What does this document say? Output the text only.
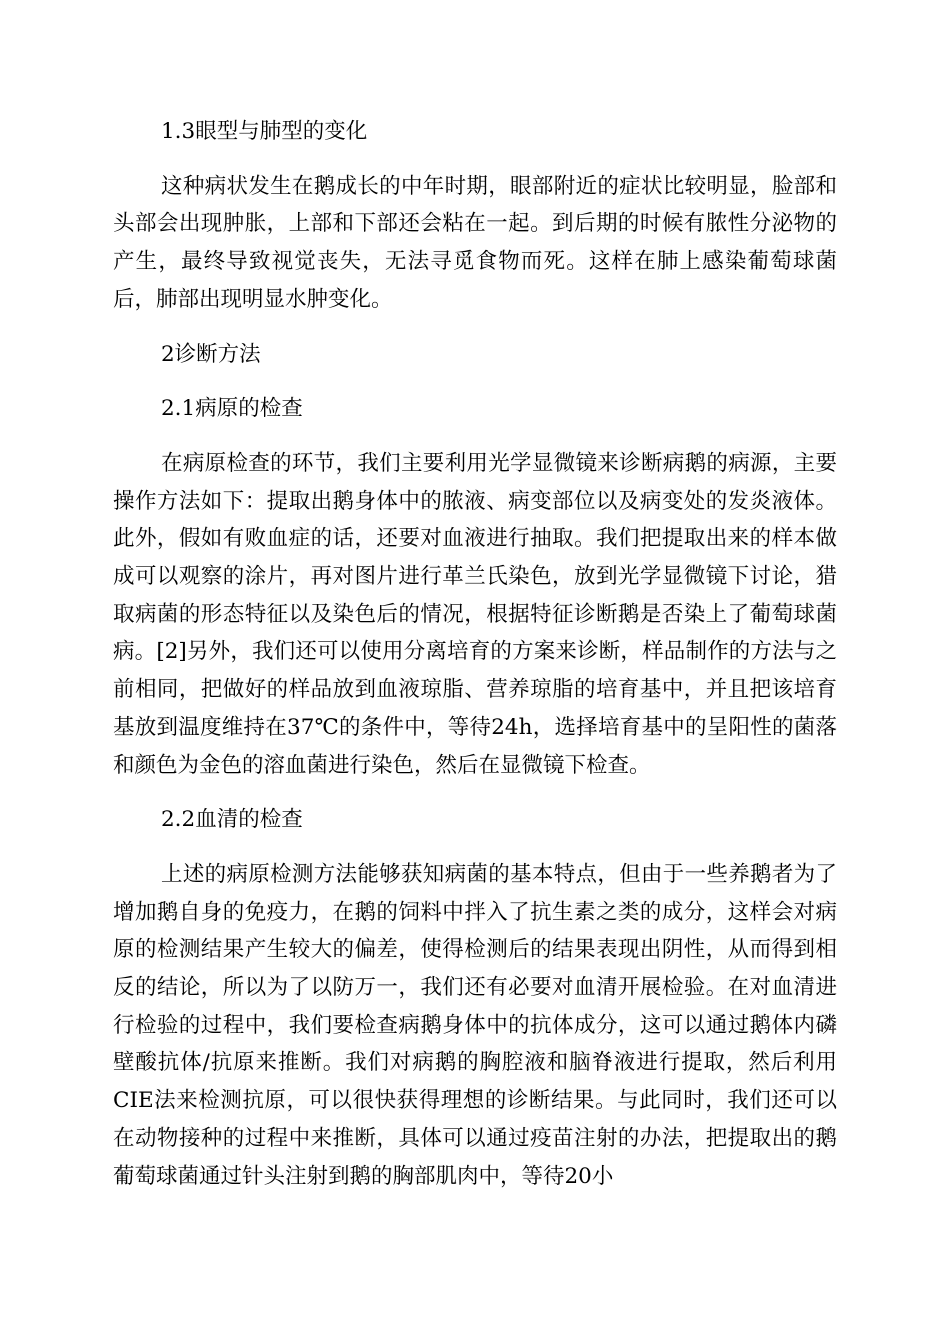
1.3眼型与肺型的变化

这种病状发生在鹅成长的中年时期，眼部附近的症状比较明显，脸部和头部会出现肿胀，上部和下部还会粘在一起。到后期的时候有脓性分泌物的产生，最终导致视觉丧失，无法寻觅食物而死。这样在肺上感染葡萄球菌后，肺部出现明显水肿变化。

2诊断方法

2.1病原的检查

在病原检查的环节，我们主要利用光学显微镜来诊断病鹅的病源，主要操作方法如下：提取出鹅身体中的脓液、病变部位以及病变处的发炎液体。此外，假如有败血症的话，还要对血液进行抽取。我们把提取出来的样本做成可以观察的涂片，再对图片进行革兰氏染色，放到光学显微镜下讨论，猎取病菌的形态特征以及染色后的情况，根据特征诊断鹅是否染上了葡萄球菌病。[2]另外，我们还可以使用分离培育的方案来诊断，样品制作的方法与之前相同，把做好的样品放到血液琼脂、营养琼脂的培育基中，并且把该培育基放到温度维持在37℃的条件中，等待24h，选择培育基中的呈阳性的菌落和颜色为金色的溶血菌进行染色，然后在显微镜下检查。

2.2血清的检查

上述的病原检测方法能够获知病菌的基本特点，但由于一些养鹅者为了增加鹅自身的免疫力，在鹅的饲料中拌入了抗生素之类的成分，这样会对病原的检测结果产生较大的偏差，使得检测后的结果表现出阴性，从而得到相反的结论，所以为了以防万一，我们还有必要对血清开展检验。在对血清进行检验的过程中，我们要检查病鹅身体中的抗体成分，这可以通过鹅体内磷壁酸抗体/抗原来推断。我们对病鹅的胸腔液和脑脊液进行提取，然后利用CIE法来检测抗原，可以很快获得理想的诊断结果。与此同时，我们还可以在动物接种的过程中来推断，具体可以通过疫苗注射的办法，把提取出的鹅葡萄球菌通过针头注射到鹅的胸部肌肉中，等待20小
